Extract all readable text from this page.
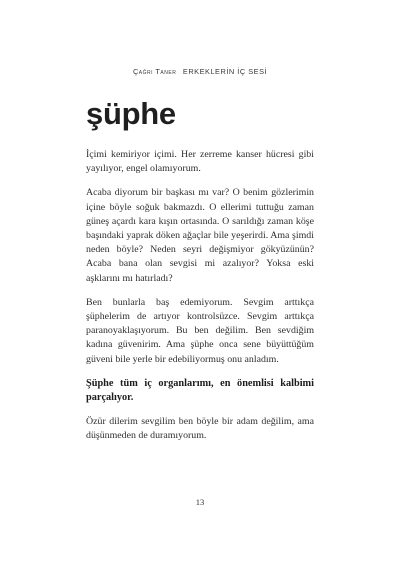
Çağrı Taner ERKEKLERİN İÇ SESİ
şüphe

İçimi kemiriyor içimi. Her zerreme kanser hücresi gibi yayılıyor, engel olamıyorum.

Acaba diyorum bir başkası mı var? O benim gözlerimin içine böyle soğuk bakmazdı. O ellerimi tuttuğu zaman güneş açardı kara kışın ortasında. O sarıldığı zaman köşe başındaki yaprak döken ağaçlar bile yeşerirdi. Ama şimdi neden böyle? Neden seyri değişmiyor gökyüzünün? Acaba bana olan sevgisi mi azalıyor? Yoksa eski aşklarını mı hatırladı?

Ben bunlarla baş edemiyorum. Sevgim arttıkça şüphelerim de artıyor kontrolsüzce. Sevgim arttıkça paranoyaklaşıyorum. Bu ben değilim. Ben sevdiğim kadına güvenirim. Ama şüphe onca sene büyüttüğüm güveni bile yerle bir edebiliyormuş onu anladım.

Şüphe tüm iç organlarımı, en önemlisi kalbimi parçalıyor.

Özür dilerim sevgilim ben böyle bir adam değilim, ama düşünmeden de duramıyorum.

13
